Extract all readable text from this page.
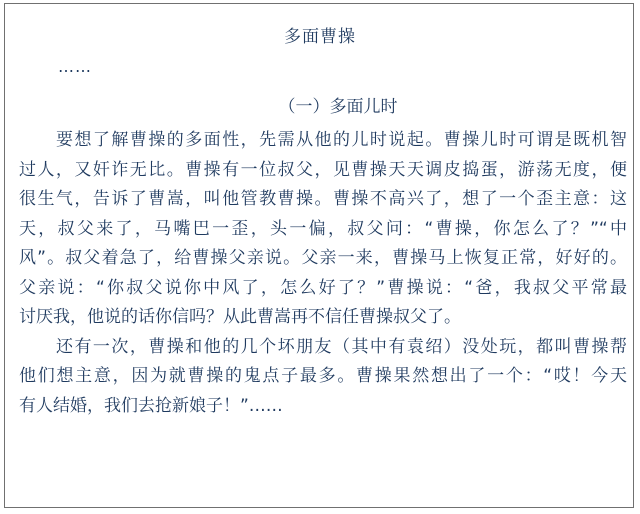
多面曹操
……
（一）多面儿时
要想了解曹操的多面性，先需从他的儿时说起。曹操儿时可谓是既机智
过人，又奸诈无比。曹操有一位叔父，见曹操天天调皮捣蛋，游荡无度，便
很生气，告诉了曹嵩，叫他管教曹操。曹操不高兴了，想了一个歪主意：这
天，叔父来了，马嘴巴一歪，头一偏，叔父问：“曹操，你怎么了？”“中
风”。叔父着急了，给曹操父亲说。父亲一来，曹操马上恢复正常，好好的。
父亲说：“你叔父说你中风了，怎么好了？”曹操说：“爸，我叔父平常最
讨厌我，他说的话你信吗？从此曹嵩再不信任曹操叔父了。
还有一次，曹操和他的几个坏朋友（其中有袁绍）没处玩，都叫曹操帮
他们想主意，因为就曹操的鬼点子最多。曹操果然想出了一个：“哎！今天
有人结婚，我们去抢新娘子！”……
